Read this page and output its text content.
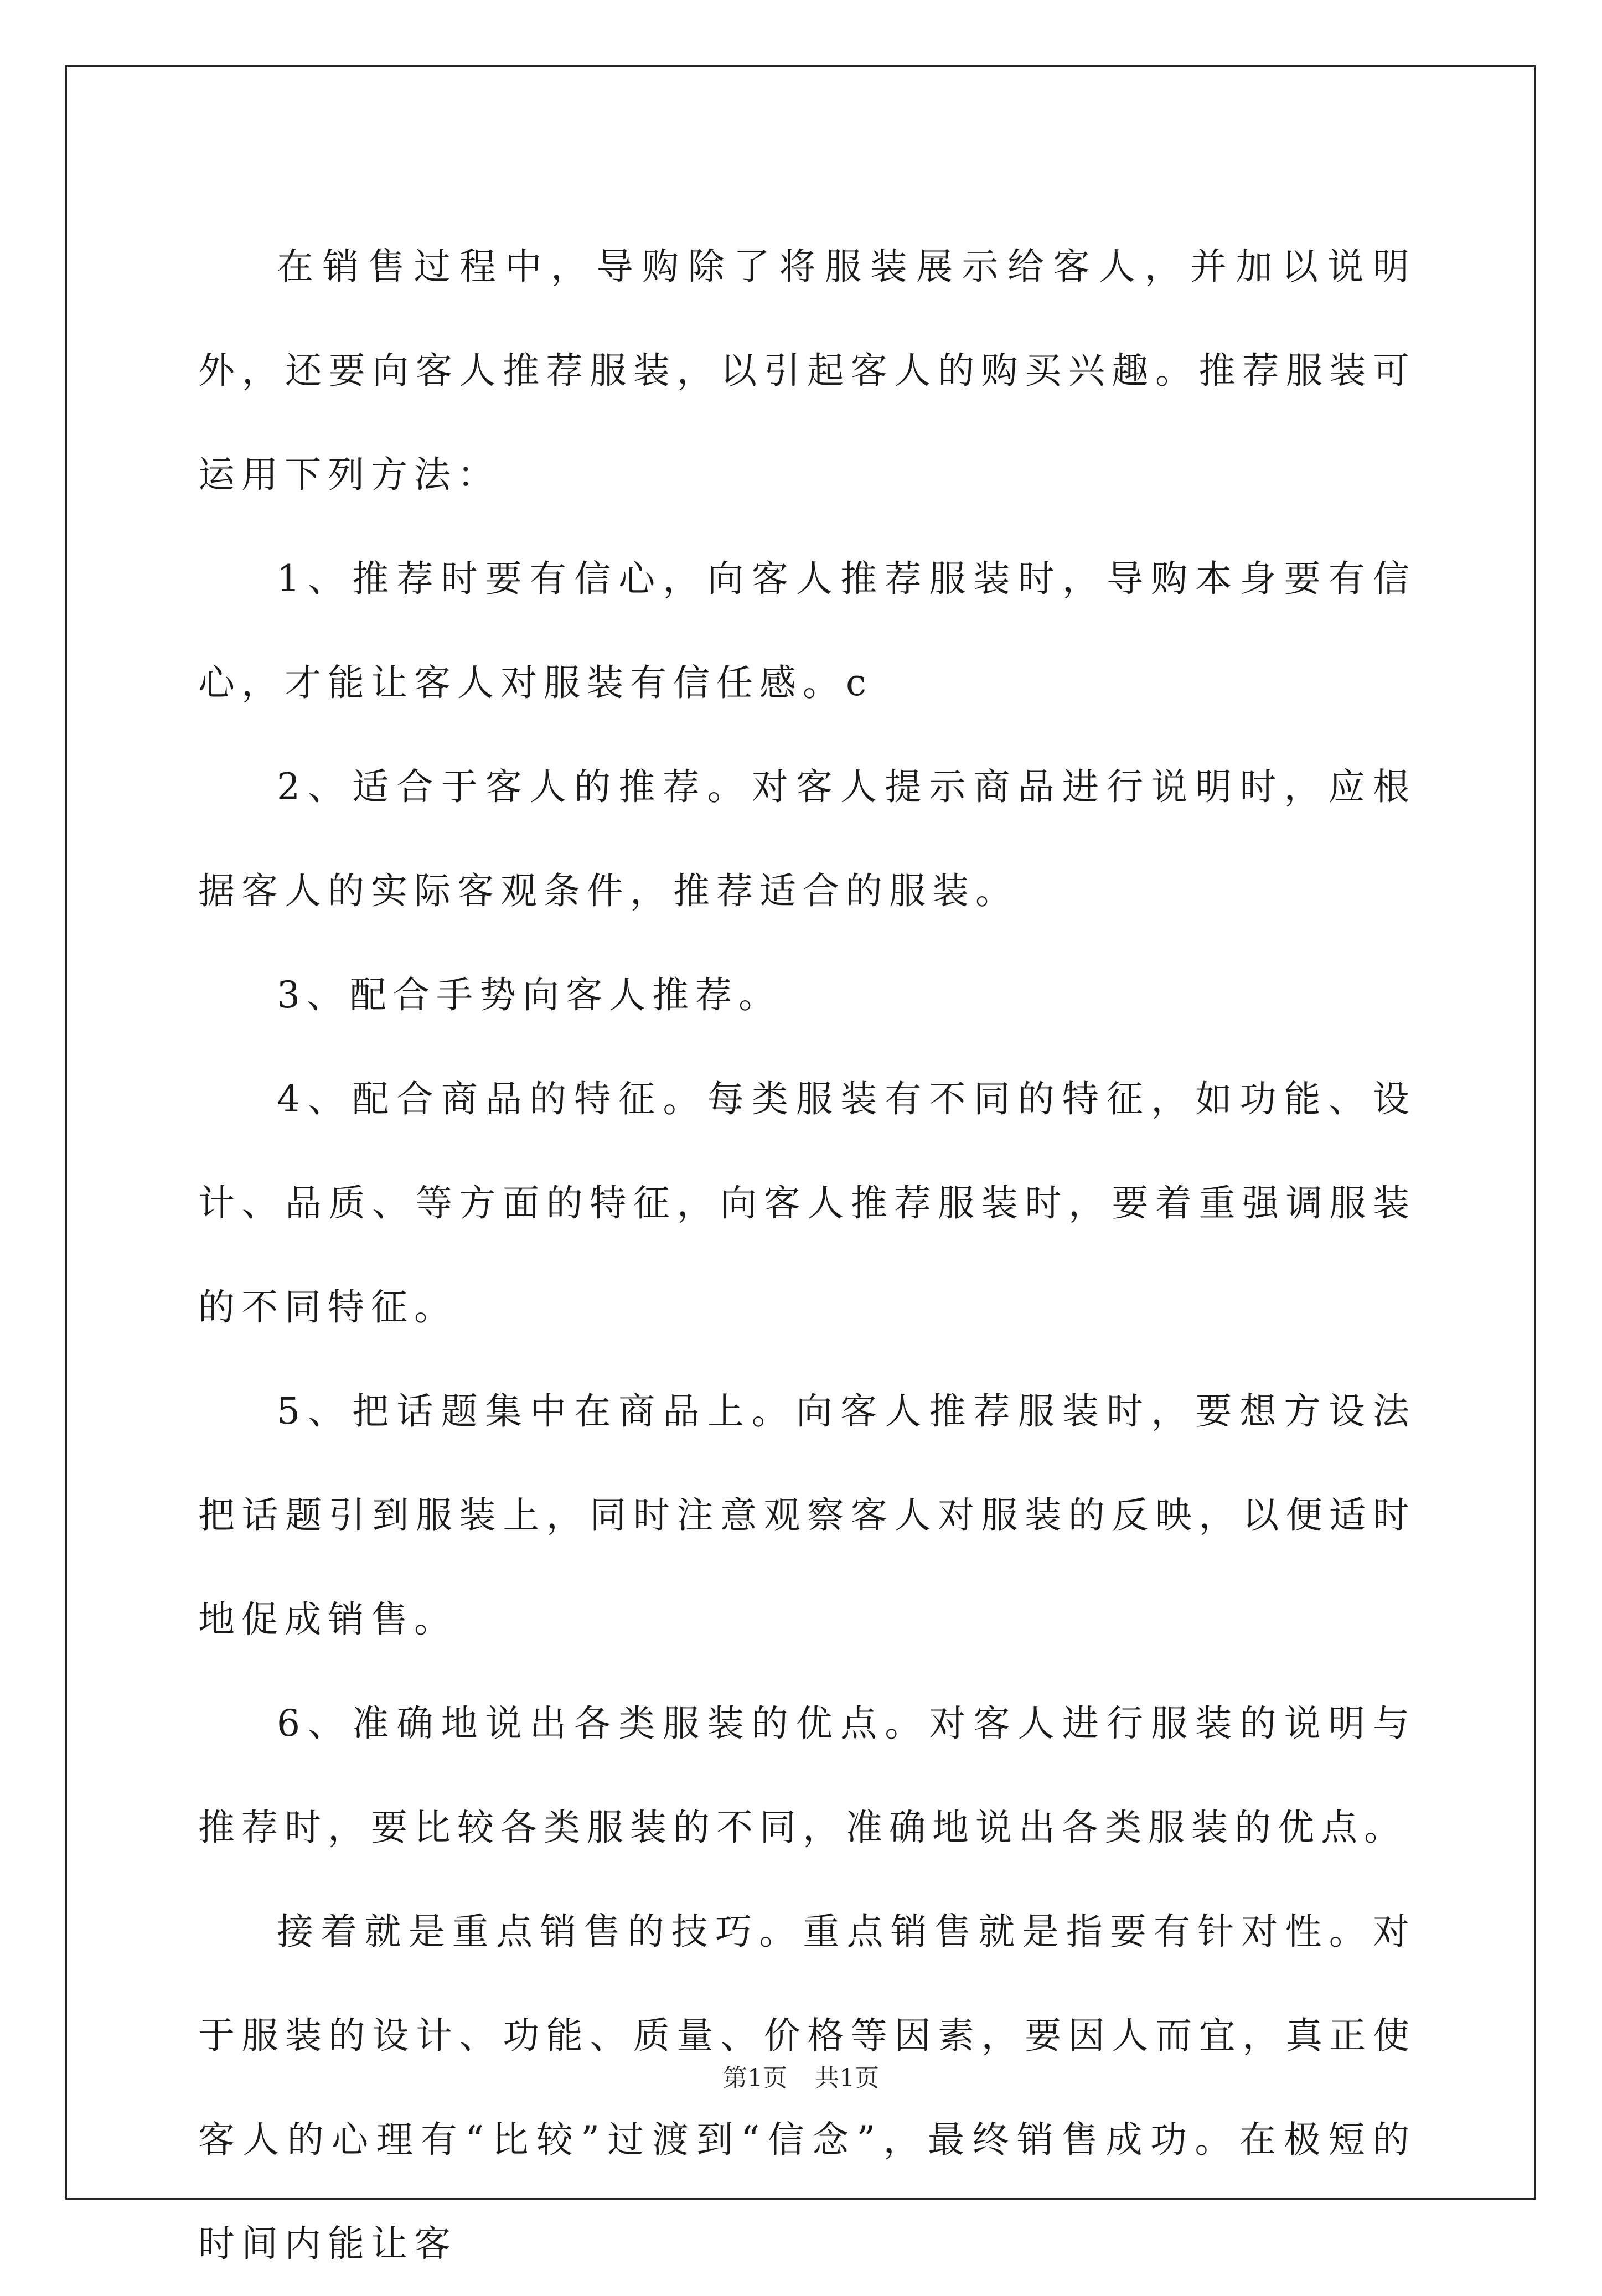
在销售过程中，导购除了将服装展示给客人，并加以说明外，还要向客人推荐服装，以引起客人的购买兴趣。推荐服装可运用下列方法：

1、推荐时要有信心，向客人推荐服装时，导购本身要有信心，才能让客人对服装有信任感。c

2、适合于客人的推荐。对客人提示商品进行说明时，应根据客人的实际客观条件，推荐适合的服装。

3、配合手势向客人推荐。

4、配合商品的特征。每类服装有不同的特征，如功能、设计、品质、等方面的特征，向客人推荐服装时，要着重强调服装的不同特征。

5、把话题集中在商品上。向客人推荐服装时，要想方设法把话题引到服装上，同时注意观察客人对服装的反映，以便适时地促成销售。

6、准确地说出各类服装的优点。对客人进行服装的说明与推荐时，要比较各类服装的不同，准确地说出各类服装的优点。

接着就是重点销售的技巧。重点销售就是指要有针对性。对于服装的设计、功能、质量、价格等因素，要因人而宜，真正使客人的心理有“比较”过渡到“信念”，最终销售成功。在极短的时间内能让客

第1页 共1页
